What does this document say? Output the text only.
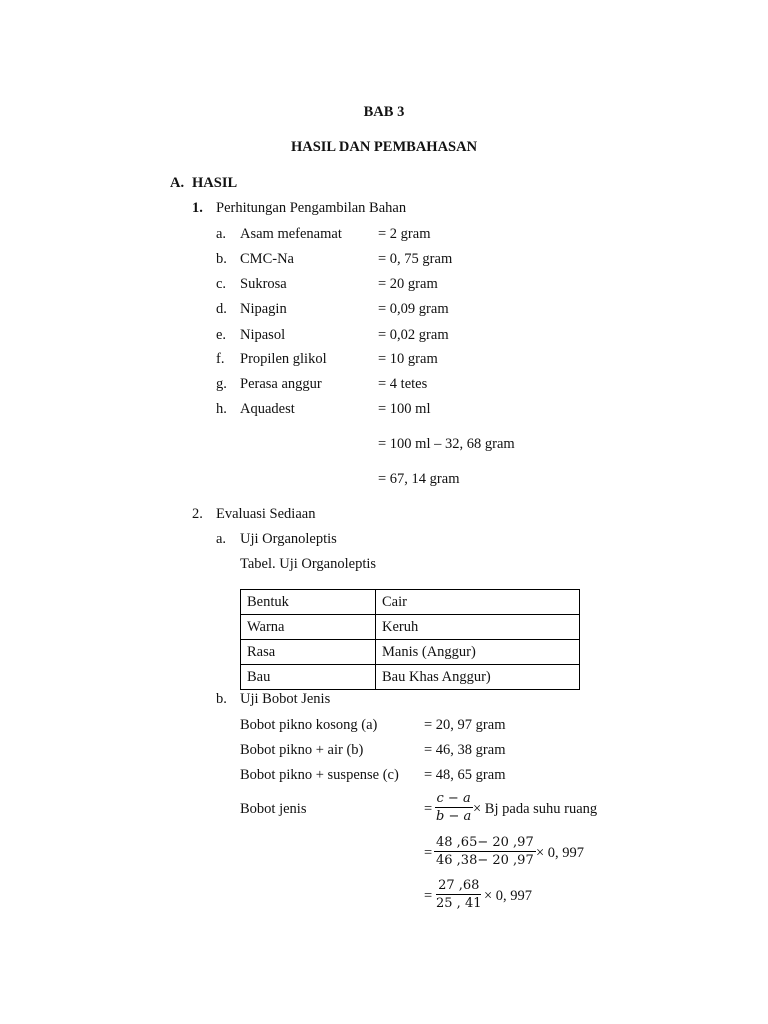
BAB 3
HASIL DAN PEMBAHASAN
A. HASIL
1. Perhitungan Pengambilan Bahan
a. Asam mefenamat = 2 gram
b. CMC-Na	= 0, 75 gram
c. Sukrosa	= 20 gram
d. Nipagin	= 0,09 gram
e. Nipasol	= 0,02 gram
f. Propilen glikol	= 10 gram
g. Perasa anggur	= 4 tetes
h. Aquadest	= 100 ml
= 100 ml – 32, 68 gram
= 67, 14 gram
2. Evaluasi Sediaan
a. Uji Organoleptis
Tabel. Uji Organoleptis
Bentuk	Cair
Warna	Keruh
Rasa	Manis (Anggur)
Bau	Bau Khas Anggur)
b. Uji Bobot Jenis
Bobot pikno kosong (a)	= 20, 97 gram
Bobot pikno + air (b)	= 46, 38 gram
Bobot pikno + suspense (c) = 48, 65 gram
Bobot jenis	= $\frac{c - a}{b - a} \times Bj$ pada suhu ruang
= $\frac{48 ,65- 20 ,97}{46 ,38- 20 ,97} \times 0$, 997
= $\frac{27 ,68}{25 , 41} \times 0$, 997
